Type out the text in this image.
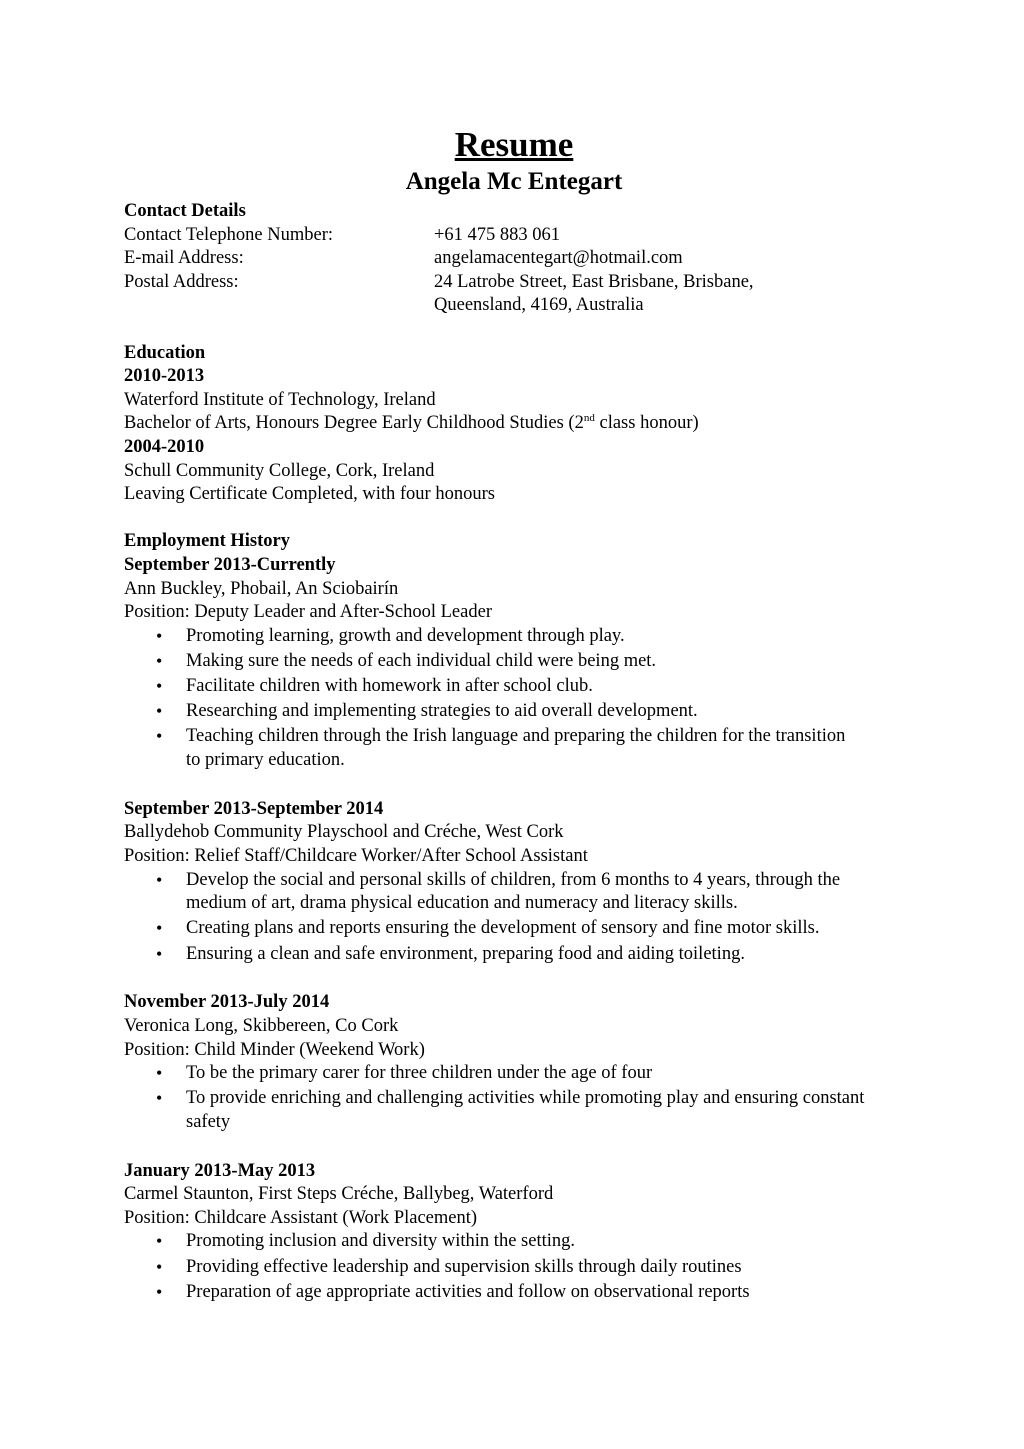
Resume

Angela Mc Entegart

Contact Details

Contact Telephone Number:	+61 475 883 061
E-mail Address:	angelamacentegart@hotmail.com
Postal Address:	24 Latrobe Street, East Brisbane, Brisbane,
Queensland, 4169, Australia

Education

2010-2013

Waterford Institute of Technology, Ireland

Bachelor of Arts, Honours Degree Early Childhood Studies (2nd class honour)

2004-2010

Schull Community College, Cork, Ireland

Leaving Certificate Completed, with four honours

Employment History

September 2013-Currently

Ann Buckley, Phobail, An Sciobairín

Position: Deputy Leader and After-School Leader

• Promoting learning, growth and development through play.
• Making sure the needs of each individual child were being met.
• Facilitate children with homework in after school club.
• Researching and implementing strategies to aid overall development.
• Teaching children through the Irish language and preparing the children for the transition to primary education.

September 2013-September 2014

Ballydehob Community Playschool and Créche, West Cork

Position: Relief Staff/Childcare Worker/After School Assistant

• Develop the social and personal skills of children, from 6 months to 4 years, through the medium of art, drama physical education and numeracy and literacy skills.
• Creating plans and reports ensuring the development of sensory and fine motor skills.
• Ensuring a clean and safe environment, preparing food and aiding toileting.

November 2013-July 2014

Veronica Long, Skibbereen, Co Cork

Position: Child Minder (Weekend Work)

• To be the primary carer for three children under the age of four
• To provide enriching and challenging activities while promoting play and ensuring constant safety

January 2013-May 2013

Carmel Staunton, First Steps Créche, Ballybeg, Waterford

Position: Childcare Assistant (Work Placement)

• Promoting inclusion and diversity within the setting.
• Providing effective leadership and supervision skills through daily routines
• Preparation of age appropriate activities and follow on observational reports
